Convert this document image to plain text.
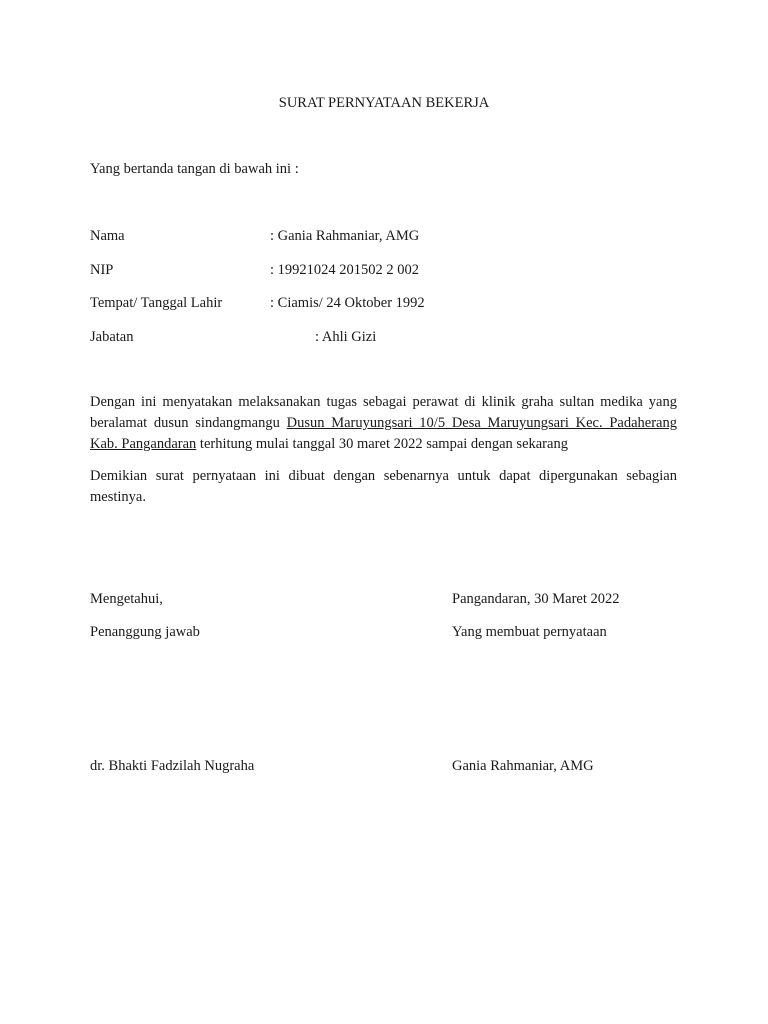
SURAT PERNYATAAN BEKERJA
Yang bertanda tangan di bawah ini :
Nama	: Gania Rahmaniar, AMG
NIP	: 19921024 201502 2 002
Tempat/ Tanggal Lahir	: Ciamis/ 24 Oktober 1992
Jabatan	: Ahli Gizi
Dengan ini menyatakan melaksanakan tugas sebagai perawat di klinik graha sultan medika yang beralamat dusun sindangmangu Dusun Maruyungsari 10/5 Desa Maruyungsari Kec. Padaherang Kab. Pangandaran terhitung mulai tanggal 30 maret 2022 sampai dengan sekarang
Demikian surat pernyataan ini dibuat dengan sebenarnya untuk dapat dipergunakan sebagian mestinya.
Mengetahui,	Pangandaran, 30 Maret 2022
Penanggung jawab	Yang membuat pernyataan
dr. Bhakti Fadzilah Nugraha	Gania Rahmaniar, AMG
